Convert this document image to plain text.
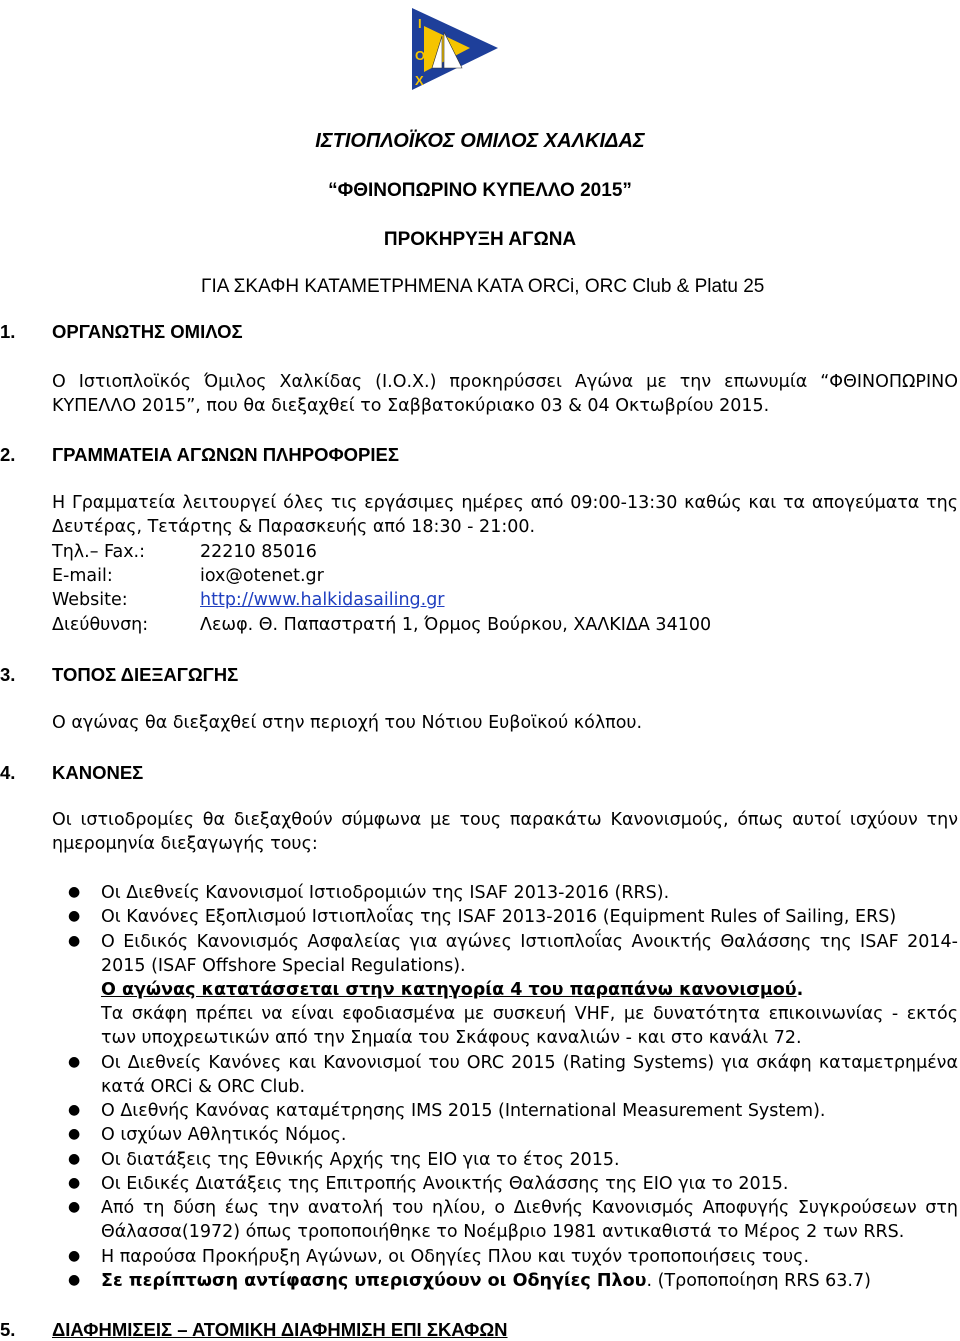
Ι
Ο
Χ
ΙΣΤΙΟΠΛΟΪΚΟΣ ΟΜΙΛΟΣ ΧΑΛΚΙΔΑΣ
“ΦΘΙΝΟΠΩΡΙΝΟ ΚΥΠΕΛΛΟ 2015”
ΠΡΟΚΗΡΥΞΗ ΑΓΩΝΑ
ΓΙΑ ΣΚΑΦΗ ΚΑΤΑΜΕΤΡΗΜΕΝΑ ΚΑΤΑ ORCi, ORC Club & Platu 25
1. ΟΡΓΑΝΩΤΗΣ ΟΜΙΛΟΣ
Ο Ιστιοπλοϊκός Όμιλος Χαλκίδας (Ι.Ο.Χ.) προκηρύσσει Αγώνα με την επωνυμία “ΦΘΙΝΟΠΩΡΙΝΟ
ΚΥΠΕΛΛΟ 2015”, που θα διεξαχθεί το Σαββατοκύριακο 03 & 04 Οκτωβρίου 2015.
2. ΓΡΑΜΜΑΤΕΙΑ ΑΓΩΝΩΝ ΠΛΗΡΟΦΟΡΙΕΣ
Η Γραμματεία λειτουργεί όλες τις εργάσιμες ημέρες από 09:00-13:30 καθώς και τα απογεύματα της
Δευτέρας, Τετάρτης & Παρασκευής από 18:30 - 21:00.
Τηλ.– Fax.:	22210 85016
E-mail:	iox@otenet.gr
Website:	http://www.halkidasailing.gr
Διεύθυνση:	Λεωφ. Θ. Παπαστρατή 1, Όρμος Βούρκου, ΧΑΛΚΙΔΑ 34100
3. ΤΟΠΟΣ ΔΙΕΞΑΓΩΓΗΣ
Ο αγώνας θα διεξαχθεί στην περιοχή του Νότιου Ευβοϊκού κόλπου.
4. ΚΑΝΟΝΕΣ
Οι ιστιοδρομίες θα διεξαχθούν σύμφωνα με τους παρακάτω Κανονισμούς, όπως αυτοί ισχύουν την
ημερομηνία διεξαγωγής τους:
● Οι Διεθνείς Κανονισμοί Ιστιοδρομιών της ISAF 2013-2016 (RRS).
● Οι Κανόνες Εξοπλισμού Ιστιοπλοΐας της ISAF 2013-2016 (Equipment Rules of Sailing, ERS)
● Ο Ειδικός Κανονισμός Ασφαλείας για αγώνες Ιστιοπλοΐας Ανοικτής Θαλάσσης της ISAF 2014-
2015 (ISAF Offshore Special Regulations).
Ο αγώνας κατατάσσεται στην κατηγορία 4 του παραπάνω κανονισμού.
Τα σκάφη πρέπει να είναι εφοδιασμένα με συσκευή VHF, με δυνατότητα επικοινωνίας - εκτός
των υποχρεωτικών από την Σημαία του Σκάφους καναλιών - και στο κανάλι 72.
● Οι Διεθνείς Κανόνες και Κανονισμοί του ORC 2015 (Rating Systems) για σκάφη καταμετρημένα
κατά ORCi & ORC Club.
● Ο Διεθνής Κανόνας καταμέτρησης IMS 2015 (International Measurement System).
● Ο ισχύων Αθλητικός Νόμος.
● Οι διατάξεις της Εθνικής Αρχής της ΕΙΟ για το έτος 2015.
● Οι Ειδικές Διατάξεις της Επιτροπής Ανοικτής Θαλάσσης της ΕΙΟ για το 2015.
● Από τη δύση έως την ανατολή του ηλίου, ο Διεθνής Κανονισμός Αποφυγής Συγκρούσεων στη
Θάλασσα(1972) όπως τροποποιήθηκε το Νοέμβριο 1981 αντικαθιστά το Μέρος 2 των RRS.
● Η παρούσα Προκήρυξη Αγώνων, οι Οδηγίες Πλου και τυχόν τροποποιήσεις τους.
● Σε περίπτωση αντίφασης υπερισχύουν οι Οδηγίες Πλου. (Τροποποίηση RRS 63.7)
5. ΔΙΑΦΗΜΙΣΕΙΣ – ΑΤΟΜΙΚΗ ΔΙΑΦΗΜΙΣΗ ΕΠΙ ΣΚΑΦΩΝ
